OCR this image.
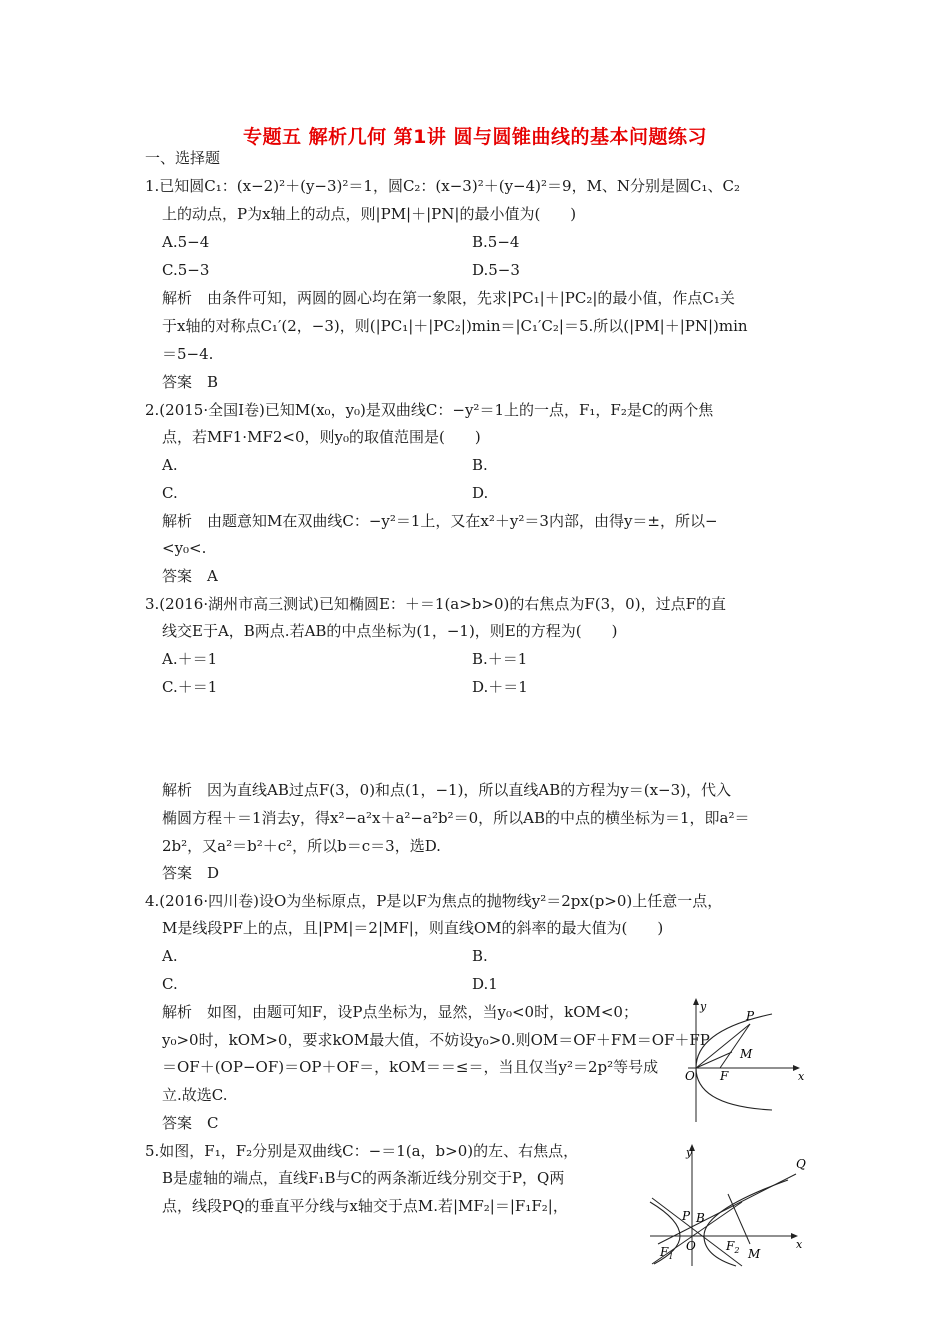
专题五 解析几何 第1讲 圆与圆锥曲线的基本问题练习
一、选择题
1.已知圆C₁：(x−2)²＋(y−3)²＝1，圆C₂：(x−3)²＋(y−4)²＝9，M、N分别是圆C₁、C₂
上的动点，P为x轴上的动点，则|PM|＋|PN|的最小值为(　　)
A.5−4	B.5−4
C.5−3	D.5−3
解析　由条件可知，两圆的圆心均在第一象限，先求|PC₁|＋|PC₂|的最小值，作点C₁关
于x轴的对称点C₁′(2，−3)，则(|PC₁|＋|PC₂|)min＝|C₁′C₂|＝5.所以(|PM|＋|PN|)min
＝5−4.
答案　B
2.(2015·全国Ⅰ卷)已知M(x₀，y₀)是双曲线C：−y²＝1上的一点，F₁，F₂是C的两个焦
点，若MF1·MF2<0，则y₀的取值范围是(　　)
A.	B.
C.	D.
解析　由题意知M在双曲线C：−y²＝1上，又在x²＋y²＝3内部，由得y＝±，所以−
<y₀<.
答案　A
3.(2016·湖州市高三测试)已知椭圆E：＋＝1(a>b>0)的右焦点为F(3，0)，过点F的直
线交E于A，B两点.若AB的中点坐标为(1，−1)，则E的方程为(　　)
A.＋＝1	B.＋＝1
C.＋＝1	D.＋＝1
解析　因为直线AB过点F(3，0)和点(1，−1)，所以直线AB的方程为y＝(x−3)，代入
椭圆方程＋＝1消去y，得x²−a²x＋a²−a²b²＝0，所以AB的中点的横坐标为＝1，即a²＝
2b²，又a²＝b²＋c²，所以b＝c＝3，选D.
答案　D
4.(2016·四川卷)设O为坐标原点，P是以F为焦点的抛物线y²＝2px(p>0)上任意一点，
M是线段PF上的点，且|PM|＝2|MF|，则直线OM的斜率的最大值为(　　)
A.	B.
C.	D.1
解析　如图，由题可知F，设P点坐标为，显然，当y₀<0时，kOM<0；
y₀>0时，kOM>0，要求kOM最大值，不妨设y₀>0.则OM＝OF＋FM＝OF＋FP
＝OF＋(OP−OF)＝OP＋OF＝，kOM＝＝≤＝，当且仅当y²＝2p²等号成
立.故选C.
答案　C
y
P
M
O F	x
5.如图，F₁，F₂分别是双曲线C：−＝1(a，b>0)的左、右焦点，
B是虚轴的端点，直线F₁B与C的两条渐近线分别交于P，Q两
点，线段PQ的垂直平分线与x轴交于点M.若|MF₂|＝|F₁F₂|，
y
Q
P B
$F_1$
O	$F_2$ M
x
